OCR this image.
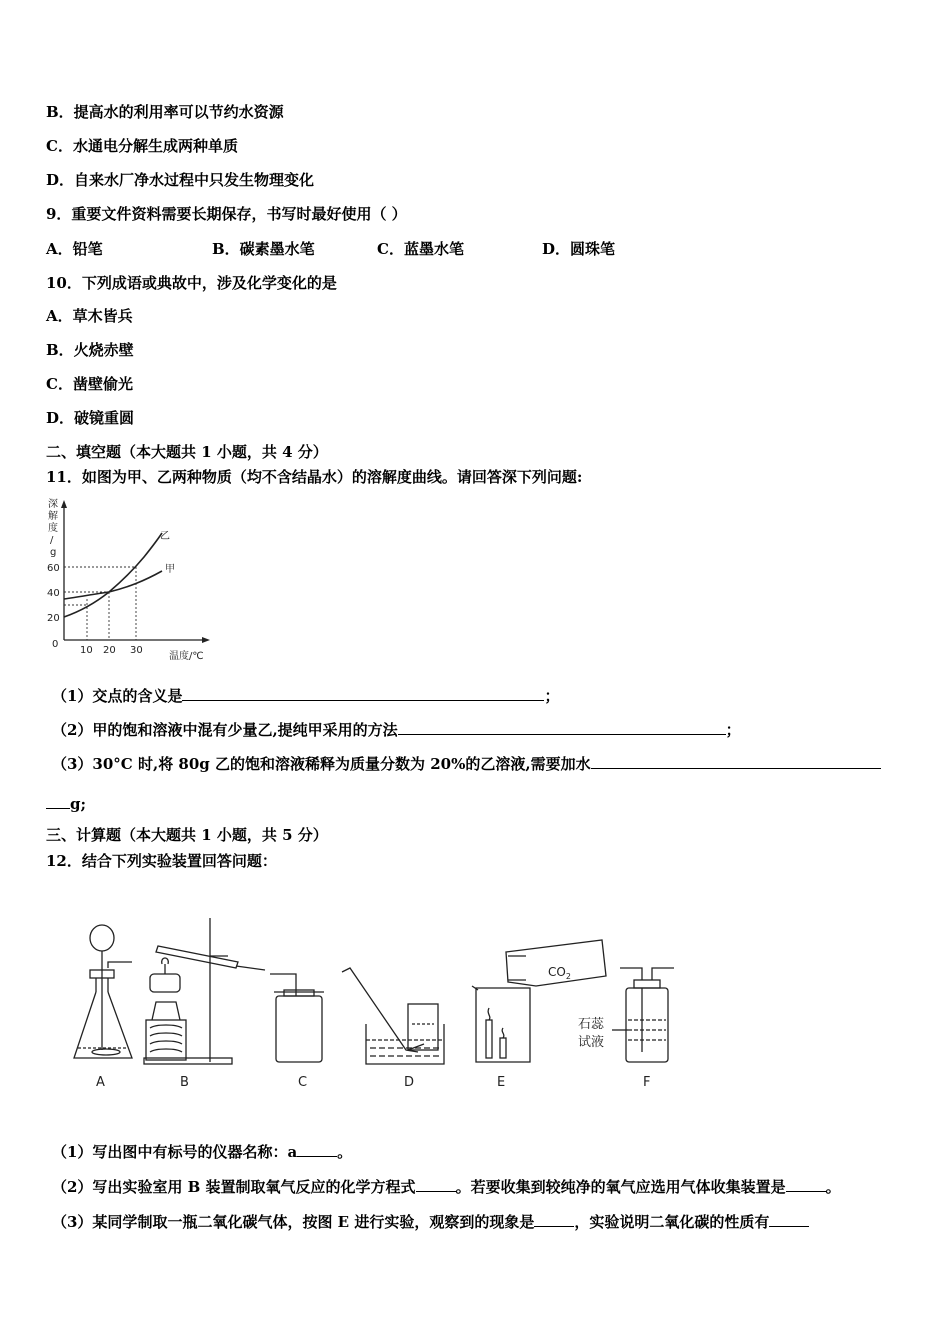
B．提高水的利用率可以节约水资源
C．水通电分解生成两种单质
D．自来水厂净水过程中只发生物理变化
9．重要文件资料需要长期保存，书写时最好使用（ ）
A．铅笔	B．碳素墨水笔	C．蓝墨水笔	D．圆珠笔
10．下列成语或典故中，涉及化学变化的是
A．草木皆兵
B．火烧赤壁
C．凿壁偷光
D．破镜重圆
二、填空题（本大题共 1 小题，共 4 分）
11．如图为甲、乙两种物质（均不含结晶水）的溶解度曲线。请回答深下列问题:
深
解
度
/
g
60
40
20
0
10 20 30
温度/℃
乙
甲
（1）交点的含义是	；
（2）甲的饱和溶液中混有少量乙,提纯甲采用的方法	；
（3）30°C 时,将 80g 乙的饱和溶液稀释为质量分数为 20%的乙溶液,需要加水
g;
三、计算题（本大题共 1 小题，共 5 分）
12．结合下列实验装置回答问题：
A	B	C	D	E	F
$CO_2$
石蕊
试液
（1）写出图中有标号的仪器名称：a	。
（2）写出实验室用 B 装置制取氧气反应的化学方程式	。若要收集到较纯净的氧气应选用气体收集装置是	。
（3）某同学制取一瓶二氧化碳气体，按图 E 进行实验，观察到的现象是	，实验说明二氧化碳的性质有
